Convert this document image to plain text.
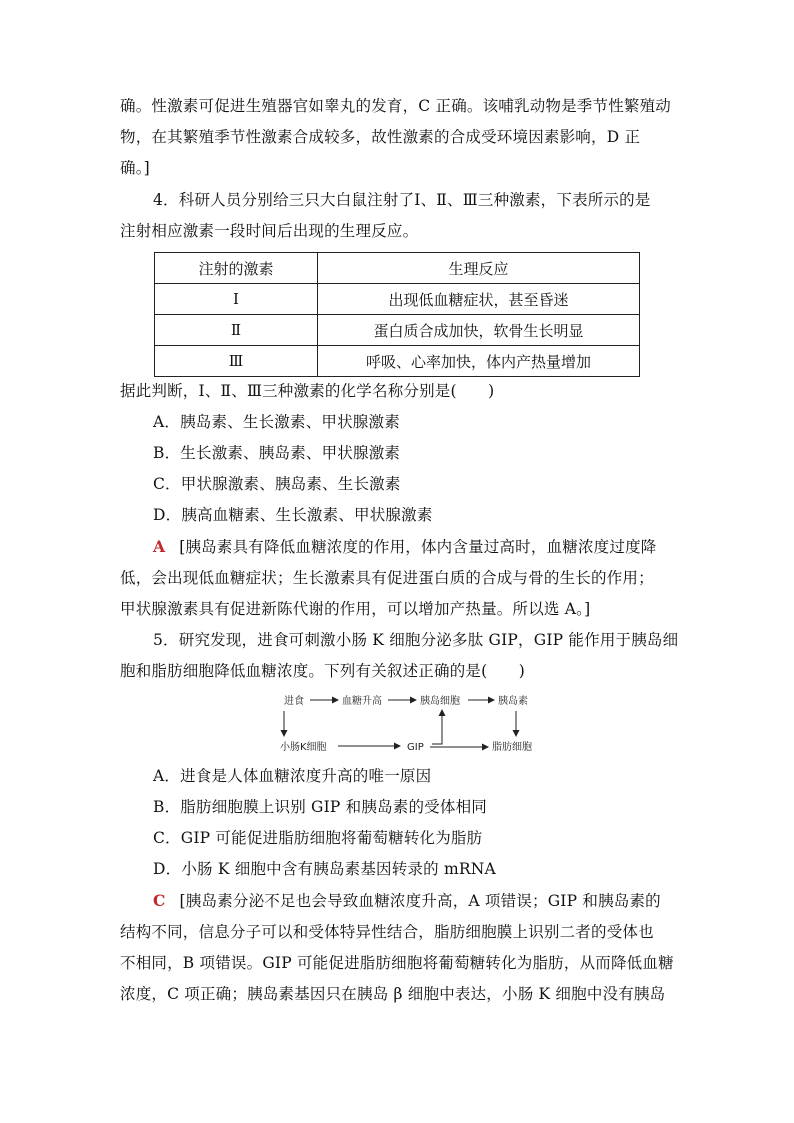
确。性激素可促进生殖器官如睾丸的发育，C 正确。该哺乳动物是季节性繁殖动
物，在其繁殖季节性激素合成较多，故性激素的合成受环境因素影响，D 正
确。]
4．科研人员分别给三只大白鼠注射了Ⅰ、Ⅱ、Ⅲ三种激素，下表所示的是
注射相应激素一段时间后出现的生理反应。
注射的激素	生理反应
Ⅰ	出现低血糖症状，甚至昏迷
Ⅱ	蛋白质合成加快，软骨生长明显
Ⅲ	呼吸、心率加快，体内产热量增加
据此判断，Ⅰ、Ⅱ、Ⅲ三种激素的化学名称分别是(　　)
A．胰岛素、生长激素、甲状腺激素
B．生长激素、胰岛素、甲状腺激素
C．甲状腺激素、胰岛素、生长激素
D．胰高血糖素、生长激素、甲状腺激素
A [胰岛素具有降低血糖浓度的作用，体内含量过高时，血糖浓度过度降
低，会出现低血糖症状；生长激素具有促进蛋白质的合成与骨的生长的作用；
甲状腺激素具有促进新陈代谢的作用，可以增加产热量。所以选 A。]
5．研究发现，进食可刺激小肠 K 细胞分泌多肽 GIP，GIP 能作用于胰岛细
胞和脂肪细胞降低血糖浓度。下列有关叙述正确的是(　　)
进食	血糖升高	胰岛细胞	胰岛素
小肠K细胞	GIP	脂肪细胞
A．进食是人体血糖浓度升高的唯一原因
B．脂肪细胞膜上识别 GIP 和胰岛素的受体相同
C．GIP 可能促进脂肪细胞将葡萄糖转化为脂肪
D．小肠 K 细胞中含有胰岛素基因转录的 mRNA
C [胰岛素分泌不足也会导致血糖浓度升高，A 项错误；GIP 和胰岛素的
结构不同，信息分子可以和受体特异性结合，脂肪细胞膜上识别二者的受体也
不相同，B 项错误。GIP 可能促进脂肪细胞将葡萄糖转化为脂肪，从而降低血糖
浓度，C 项正确；胰岛素基因只在胰岛 β 细胞中表达，小肠 K 细胞中没有胰岛
